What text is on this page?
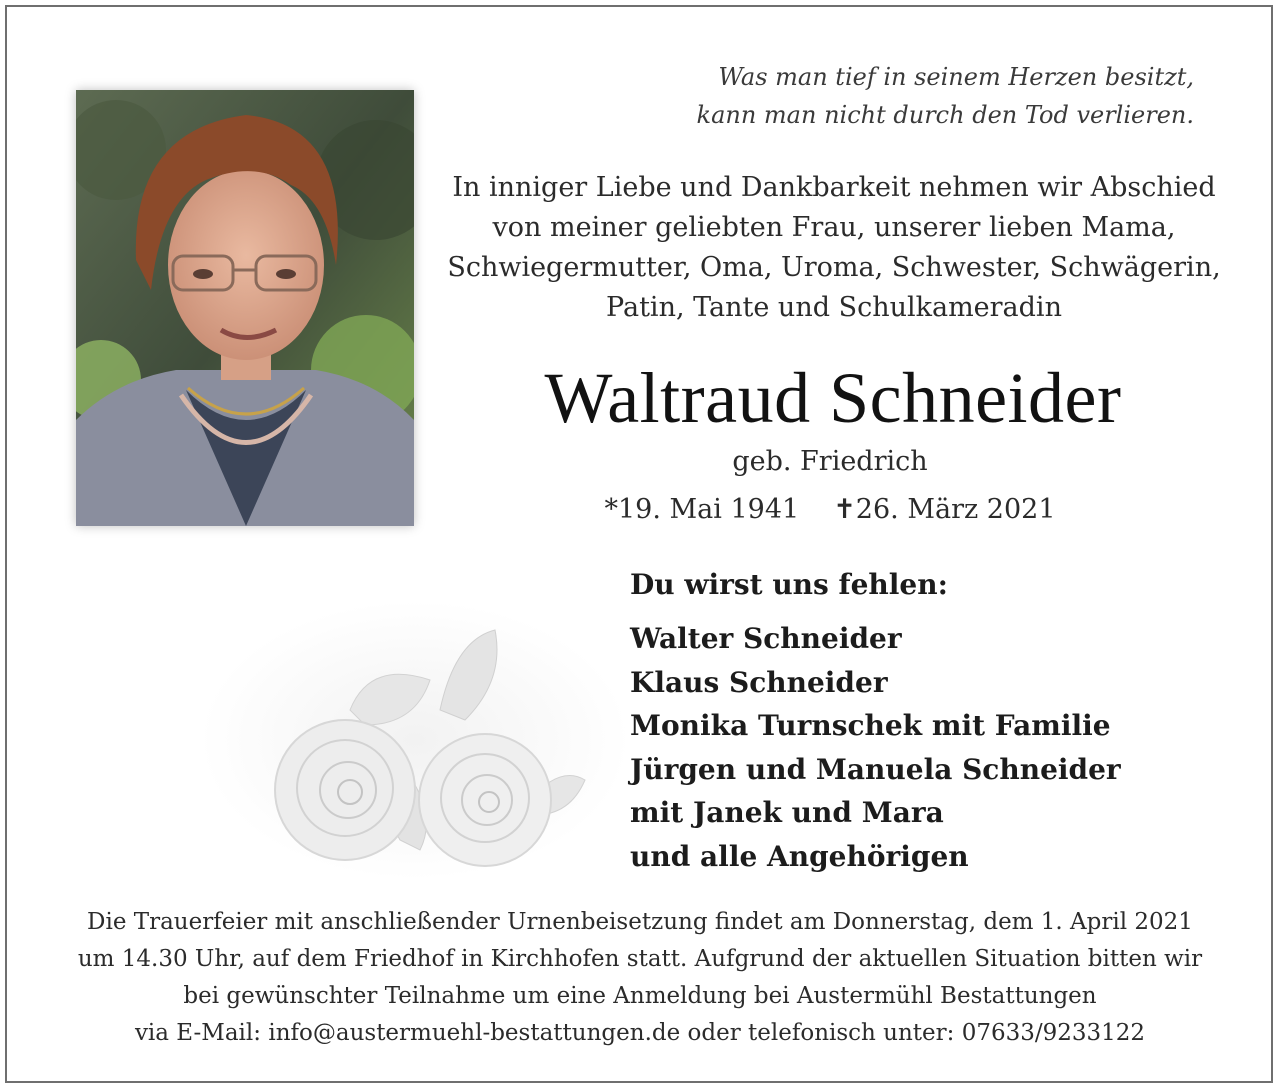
Was man tief in seinem Herzen besitzt,
kann man nicht durch den Tod verlieren.
In inniger Liebe und Dankbarkeit nehmen wir Abschied
von meiner geliebten Frau, unserer lieben Mama,
Schwiegermutter, Oma, Uroma, Schwester, Schwägerin,
Patin, Tante und Schulkameradin
Waltraud Schneider
geb. Friedrich
*19. Mai 1941 ✝26. März 2021
Du wirst uns fehlen:
Walter Schneider
Klaus Schneider
Monika Turnschek mit Familie
Jürgen und Manuela Schneider
mit Janek und Mara
und alle Angehörigen
Die Trauerfeier mit anschließender Urnenbeisetzung findet am Donnerstag, dem 1. April 2021
um 14.30 Uhr, auf dem Friedhof in Kirchhofen statt. Aufgrund der aktuellen Situation bitten wir
bei gewünschter Teilnahme um eine Anmeldung bei Austermühl Bestattungen
via E-Mail: info@austermuehl-bestattungen.de oder telefonisch unter: 07633/9233122
